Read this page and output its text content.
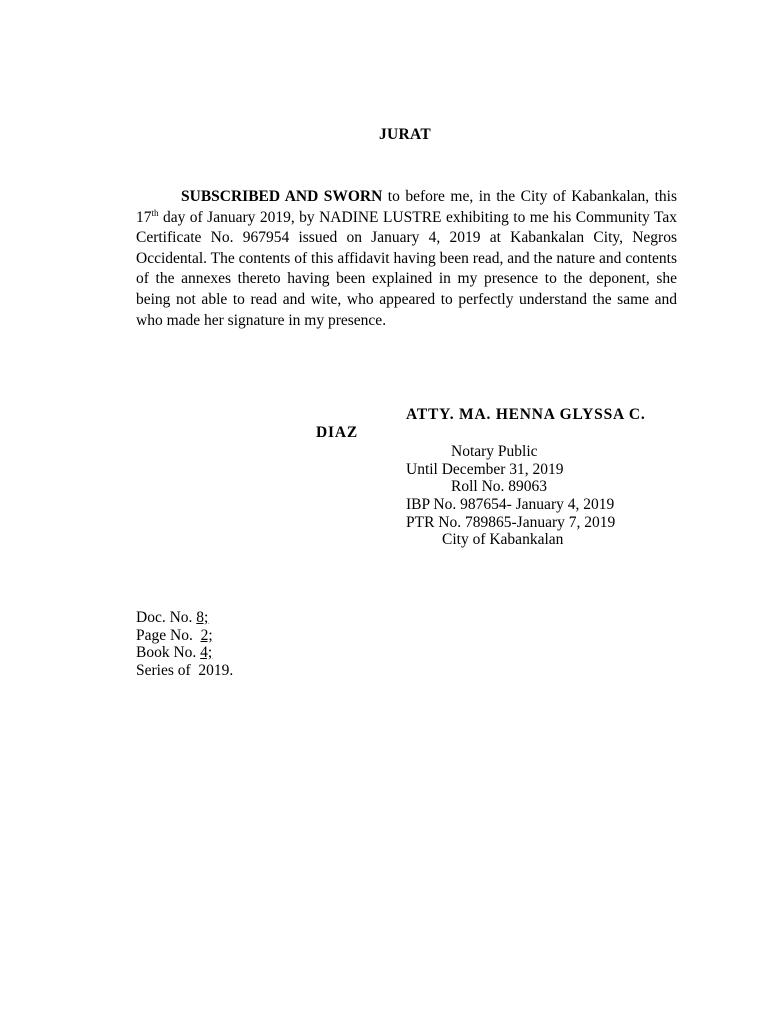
JURAT

SUBSCRIBED AND SWORN to before me, in the City of Kabankalan, this 17th day of January 2019, by NADINE LUSTRE exhibiting to me his Community Tax Certificate No. 967954 issued on January 4, 2019 at Kabankalan City, Negros Occidental. The contents of this affidavit having been read, and the nature and contents of the annexes thereto having been explained in my presence to the deponent, she being not able to read and wite, who appeared to perfectly understand the same and who made her signature in my presence.

ATTY. MA. HENNA GLYSSA C.
DIAZ
Notary Public
Until December 31, 2019
Roll No. 89063
IBP No. 987654- January 4, 2019
PTR No. 789865-January 7, 2019
City of Kabankalan
Doc. No. 8;
Page No.  2;
Book No. 4;
Series of  2019.
